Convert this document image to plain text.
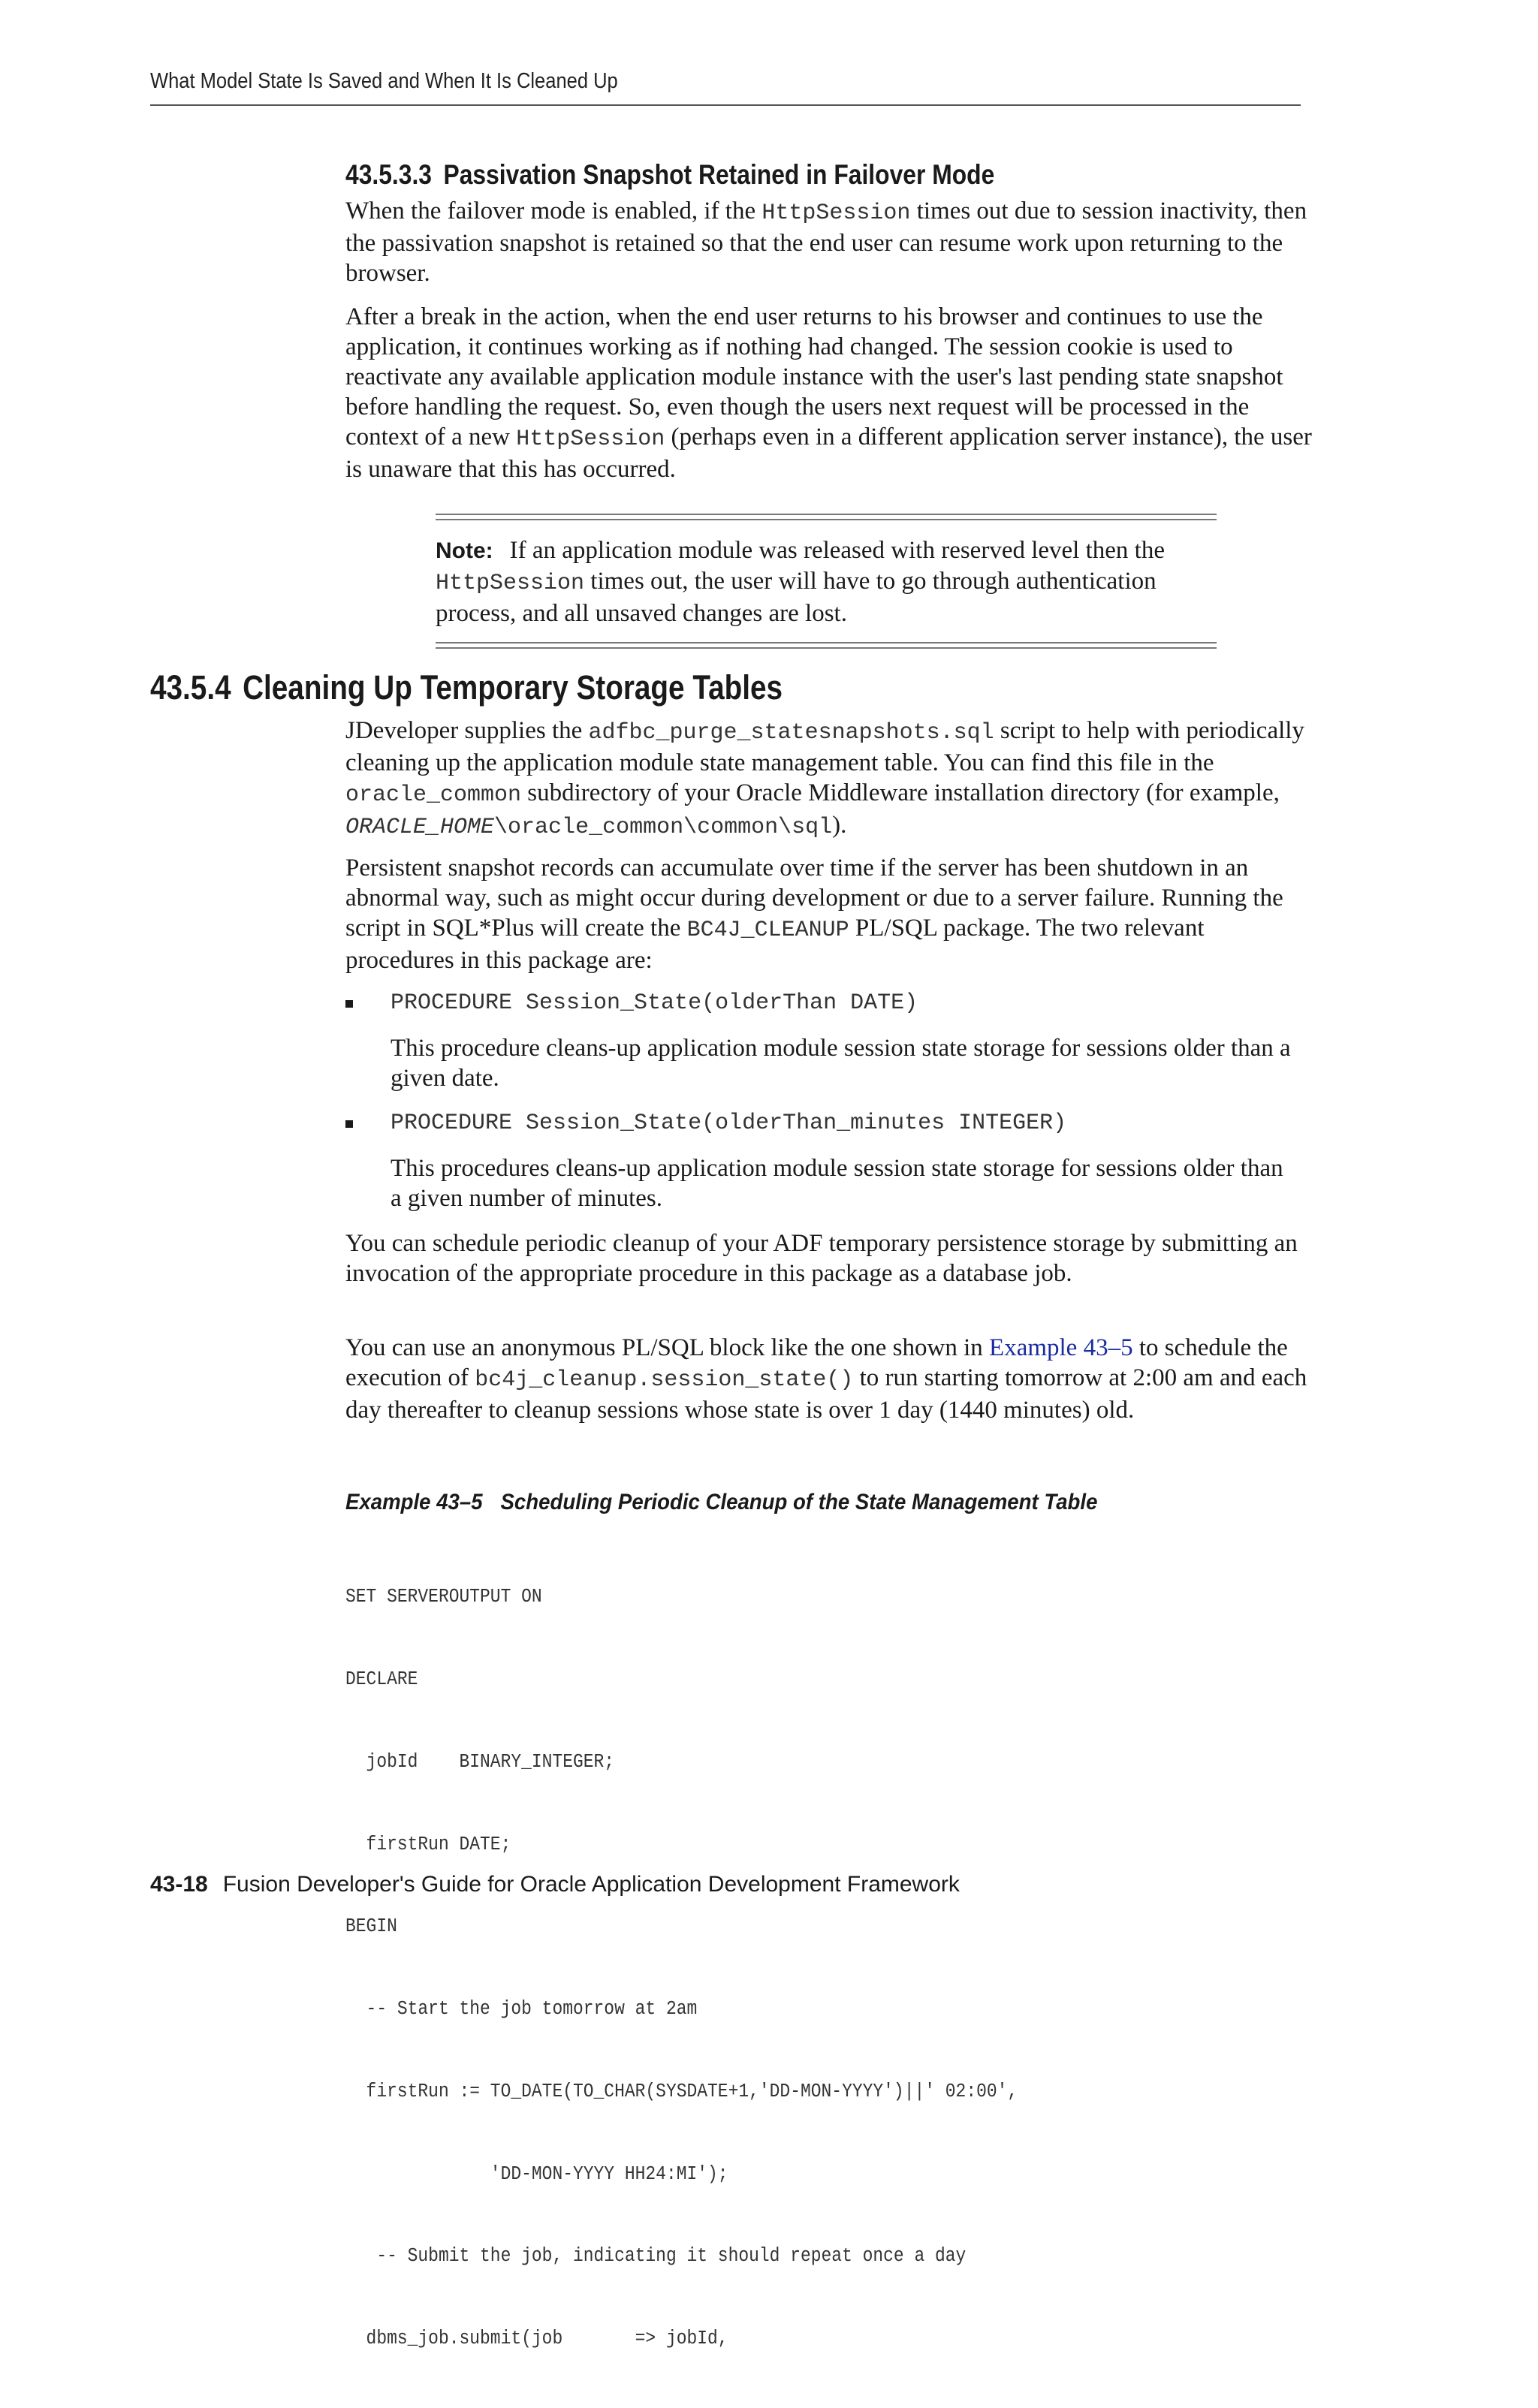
What Model State Is Saved and When It Is Cleaned Up
43.5.3.3 Passivation Snapshot Retained in Failover Mode

When the failover mode is enabled, if the HttpSession times out due to session inactivity, then the passivation snapshot is retained so that the end user can resume work upon returning to the browser.

After a break in the action, when the end user returns to his browser and continues to use the application, it continues working as if nothing had changed. The session cookie is used to reactivate any available application module instance with the user's last pending state snapshot before handling the request. So, even though the users next request will be processed in the context of a new HttpSession (perhaps even in a different application server instance), the user is unaware that this has occurred.

Note: If an application module was released with reserved level then the HttpSession times out, the user will have to go through authentication process, and all unsaved changes are lost.
43.5.4 Cleaning Up Temporary Storage Tables

JDeveloper supplies the adfbc_purge_statesnapshots.sql script to help with periodically cleaning up the application module state management table. You can find this file in the oracle_common subdirectory of your Oracle Middleware installation directory (for example, ORACLE_HOME\oracle_common\common\sql).

Persistent snapshot records can accumulate over time if the server has been shutdown in an abnormal way, such as might occur during development or due to a server failure. Running the script in SQL*Plus will create the BC4J_CLEANUP PL/SQL package. The two relevant procedures in this package are:

PROCEDURE Session_State(olderThan DATE)
This procedure cleans-up application module session state storage for sessions older than a given date.
PROCEDURE Session_State(olderThan_minutes INTEGER)
This procedures cleans-up application module session state storage for sessions older than a given number of minutes.

You can schedule periodic cleanup of your ADF temporary persistence storage by submitting an invocation of the appropriate procedure in this package as a database job.

You can use an anonymous PL/SQL block like the one shown in Example 43–5 to schedule the execution of bc4j_cleanup.session_state() to run starting tomorrow at 2:00 am and each day thereafter to cleanup sessions whose state is over 1 day (1440 minutes) old.

Example 43–5 Scheduling Periodic Cleanup of the State Management Table

SET SERVEROUTPUT ON

DECLARE

jobId    BINARY_INTEGER;

firstRun DATE;

BEGIN

-- Start the job tomorrow at 2am

firstRun := TO_DATE(TO_CHAR(SYSDATE+1,'DD-MON-YYYY')||' 02:00',

'DD-MON-YYYY HH24:MI');

-- Submit the job, indicating it should repeat once a day

dbms_job.submit(job       => jobId,

43-18 Fusion Developer's Guide for Oracle Application Development Framework
